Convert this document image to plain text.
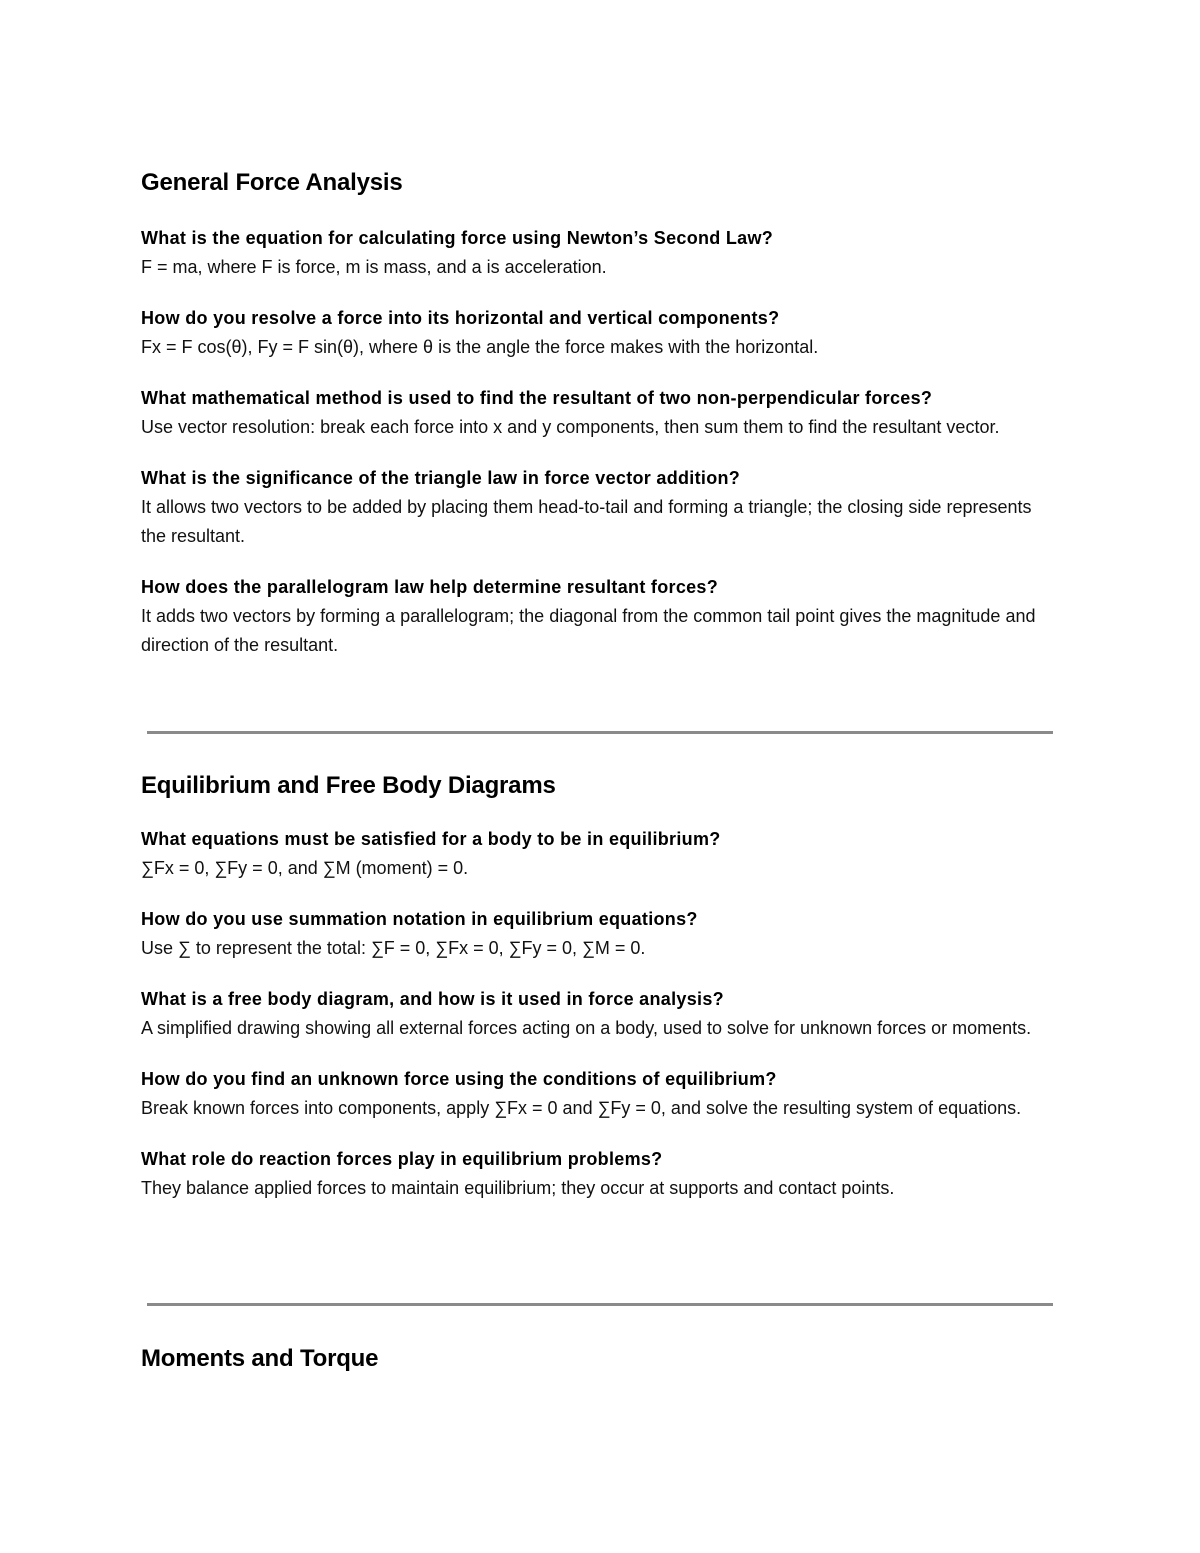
General Force Analysis

What is the equation for calculating force using Newton’s Second Law?

F = ma, where F is force, m is mass, and a is acceleration.

How do you resolve a force into its horizontal and vertical components?

Fx = F cos(θ), Fy = F sin(θ), where θ is the angle the force makes with the horizontal.

What mathematical method is used to find the resultant of two non-perpendicular forces?

Use vector resolution: break each force into x and y components, then sum them to find the resultant vector.

What is the significance of the triangle law in force vector addition?

It allows two vectors to be added by placing them head-to-tail and forming a triangle; the closing side represents the resultant.

How does the parallelogram law help determine resultant forces?

It adds two vectors by forming a parallelogram; the diagonal from the common tail point gives the magnitude and direction of the resultant.

Equilibrium and Free Body Diagrams

What equations must be satisfied for a body to be in equilibrium?

∑Fx = 0, ∑Fy = 0, and ∑M (moment) = 0.

How do you use summation notation in equilibrium equations?

Use ∑ to represent the total: ∑F = 0, ∑Fx = 0, ∑Fy = 0, ∑M = 0.

What is a free body diagram, and how is it used in force analysis?

A simplified drawing showing all external forces acting on a body, used to solve for unknown forces or moments.

How do you find an unknown force using the conditions of equilibrium?

Break known forces into components, apply ∑Fx = 0 and ∑Fy = 0, and solve the resulting system of equations.

What role do reaction forces play in equilibrium problems?

They balance applied forces to maintain equilibrium; they occur at supports and contact points.

Moments and Torque
